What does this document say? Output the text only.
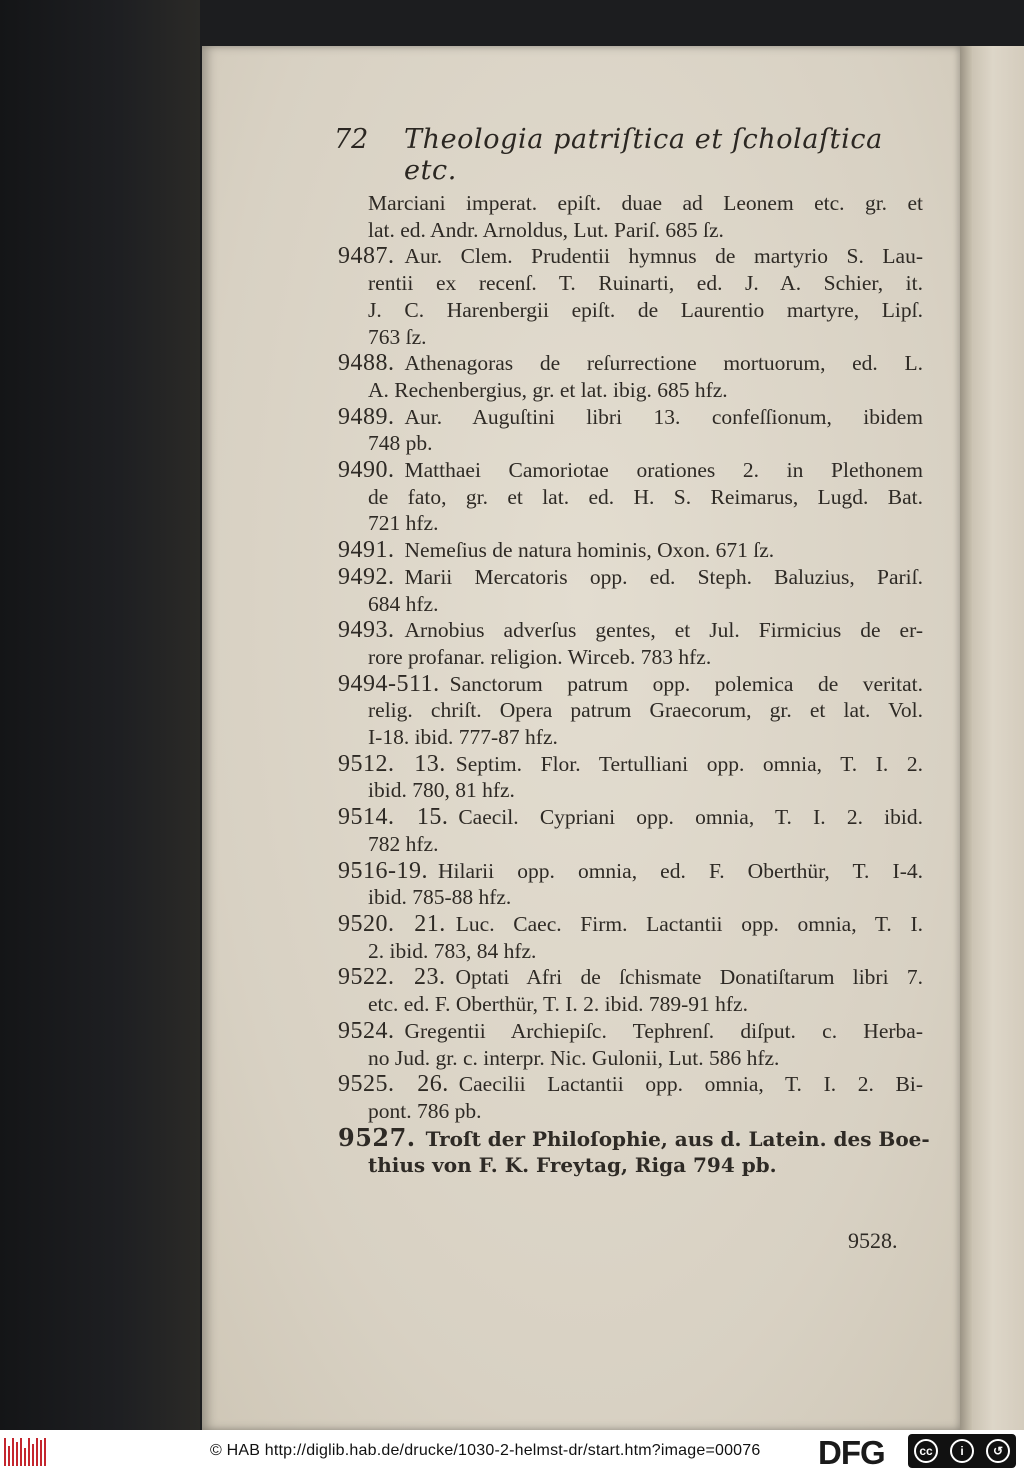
72 Theologia patriſtica et ſcholaſtica etc.
Marciani imperat. epiſt. duae ad Leonem etc. gr. et
lat. ed. Andr. Arnoldus, Lut. Pariſ. 685 ſz.
9487. Aur. Clem. Prudentii hymnus de martyrio S. Lau-
rentii ex recenſ. T. Ruinarti, ed. J. A. Schier, it.
J. C. Harenbergii epiſt. de Laurentio martyre, Lipſ.
763 ſz.
9488. Athenagoras de reſurrectione mortuorum, ed. L.
A. Rechenbergius, gr. et lat. ibig. 685 hfz.
9489. Aur. Auguſtini libri 13. confeſſionum, ibidem
748 pb.
9490. Matthaei Camoriotae orationes 2. in Plethonem
de fato, gr. et lat. ed. H. S. Reimarus, Lugd. Bat.
721 hfz.
9491. Nemeſius de natura hominis, Oxon. 671 ſz.
9492. Marii Mercatoris opp. ed. Steph. Baluzius, Pariſ.
684 hfz.
9493. Arnobius adverſus gentes, et Jul. Firmicius de er-
rore profanar. religion. Wirceb. 783 hfz.
9494-511. Sanctorum patrum opp. polemica de veritat.
relig. chriſt. Opera patrum Graecorum, gr. et lat. Vol.
I-18. ibid. 777-87 hfz.
9512. 13. Septim. Flor. Tertulliani opp. omnia, T. I. 2.
ibid. 780, 81 hfz.
9514. 15. Caecil. Cypriani opp. omnia, T. I. 2. ibid.
782 hfz.
9516-19. Hilarii opp. omnia, ed. F. Oberthür, T. I-4.
ibid. 785-88 hfz.
9520. 21. Luc. Caec. Firm. Lactantii opp. omnia, T. I.
2. ibid. 783, 84 hfz.
9522. 23. Optati Afri de ſchismate Donatiſtarum libri 7.
etc. ed. F. Oberthür, T. I. 2. ibid. 789-91 hfz.
9524. Gregentii Archiepiſc. Tephrenſ. diſput. c. Herba-
no Jud. gr. c. interpr. Nic. Gulonii, Lut. 586 hfz.
9525. 26. Caecilii Lactantii opp. omnia, T. I. 2. Bi-
pont. 786 pb.
9527. Troſt der Philoſophie, aus d. Latein. des Boe-
thius von F. K. Freytag, Riga 794 pb.
9528.
© HAB http://diglib.hab.de/drucke/1030-2-helmst-dr/start.htm?image=00076 DFG	cc	i	↺
